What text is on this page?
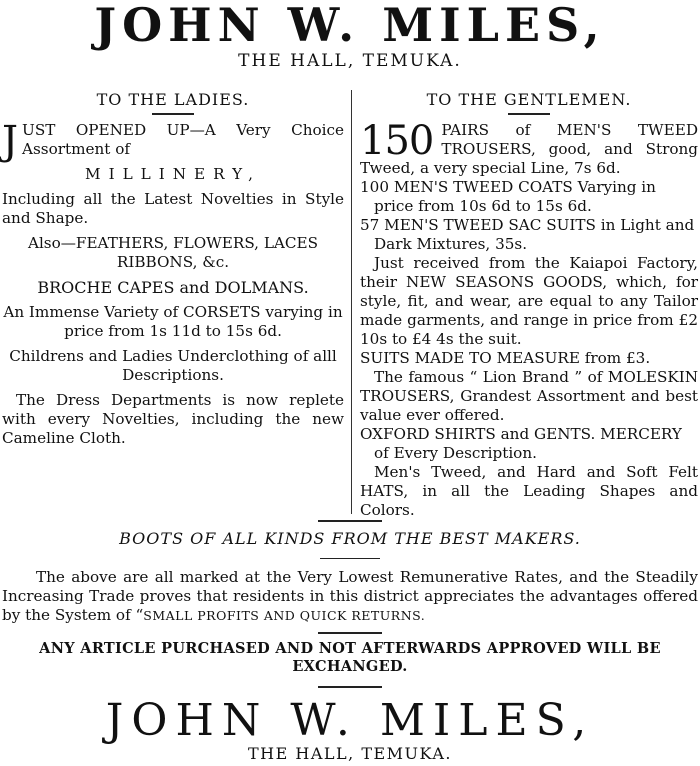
JOHN W. MILES,
THE HALL, TEMUKA.
TO THE LADIES.

JUST OPENED UP—A Very Choice Assortment of

MILLINERY,

Including all the Latest Novelties in Style and Shape.

Also—FEATHERS, FLOWERS, LACES RIBBONS, &c.

BROCHE CAPES and DOLMANS.

An Immense Variety of CORSETS varying in price from 1s 11d to 15s 6d.

Childrens and Ladies Underclothing of alll Descriptions.

The Dress Departments is now replete with every Novelties, including the new Cameline Cloth.

TO THE GENTLEMEN.

150 PAIRS of MEN'S TWEED TROUSERS, good, and Strong Tweed, a very special Line, 7s 6d.

100 MEN'S TWEED COATS Varying in price from 10s 6d to 15s 6d.

57 MEN'S TWEED SAC SUITS in Light and Dark Mixtures, 35s.

Just received from the Kaiapoi Factory, their NEW SEASONS GOODS, which, for style, fit, and wear, are equal to any Tailor made garments, and range in price from £2 10s to £4 4s the suit.

SUITS MADE TO MEASURE from £3.

The famous “ Lion Brand ” of MOLESKIN TROUSERS, Grandest Assortment and best value ever offered.

OXFORD SHIRTS and GENTS. MERCERY of Every Description.

Men's Tweed, and Hard and Soft Felt HATS, in all the Leading Shapes and Colors.

BOOTS OF ALL KINDS FROM THE BEST MAKERS.

The above are all marked at the Very Lowest Remunerative Rates, and the Steadily Increasing Trade proves that residents in this district appreciates the advantages offered by the System of “SMALL PROFITS AND QUICK RETURNS.

ANY ARTICLE PURCHASED AND NOT AFTERWARDS APPROVED WILL BE EXCHANGED.

JOHN W. MILES,
THE HALL, TEMUKA.
